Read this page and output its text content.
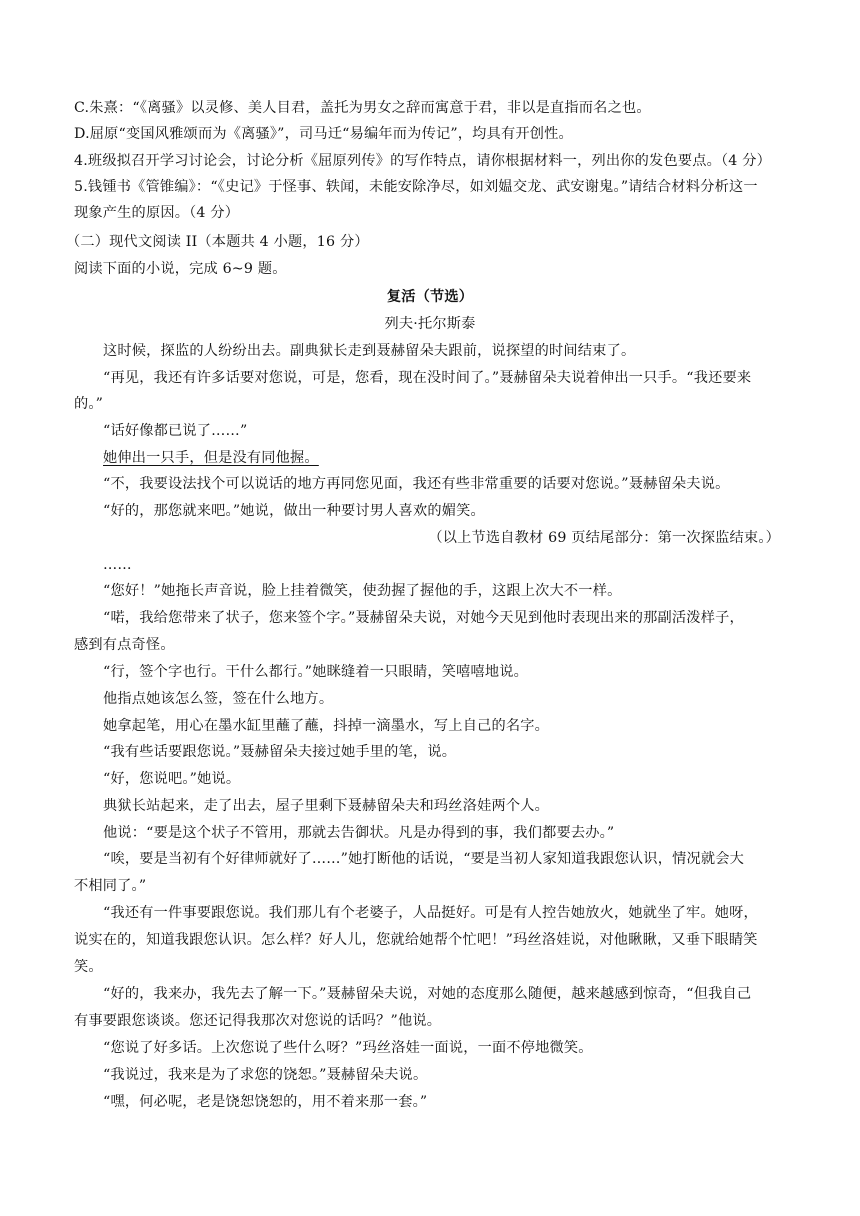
C.朱熹：“《离骚》以灵修、美人目君，盖托为男女之辞而寓意于君，非以是直指而名之也。
D.屈原“变国风雅颂而为《离骚》”，司马迁“易编年而为传记”，均具有开创性。
4.班级拟召开学习讨论会，讨论分析《屈原列传》的写作特点，请你根据材料一，列出你的发色要点。（4 分）
5.钱锺书《管锥编》：“《史记》于怪事、轶闻，未能安除净尽，如刘媪交龙、武安谢鬼。”请结合材料分析这一
现象产生的原因。（4 分）
（二）现代文阅读 II（本题共 4 小题，16 分）
阅读下面的小说，完成 6~9 题。
复活（节选）
列夫·托尔斯泰
这时候，探监的人纷纷出去。副典狱长走到聂赫留朵夫跟前，说探望的时间结束了。
“再见，我还有许多话要对您说，可是，您看，现在没时间了。”聂赫留朵夫说着伸出一只手。“我还要来
的。”
“话好像都已说了……”
她伸出一只手，但是没有同他握。
“不，我要设法找个可以说话的地方再同您见面，我还有些非常重要的话要对您说。”聂赫留朵夫说。
“好的，那您就来吧。”她说，做出一种要讨男人喜欢的媚笑。
（以上节选自教材 69 页结尾部分：第一次探监结束。）
……
“您好！”她拖长声音说，脸上挂着微笑，使劲握了握他的手，这跟上次大不一样。
“喏，我给您带来了状子，您来签个字。”聂赫留朵夫说，对她今天见到他时表现出来的那副活泼样子，
感到有点奇怪。
“行，签个字也行。干什么都行。”她眯缝着一只眼睛，笑嘻嘻地说。
他指点她该怎么签，签在什么地方。
她拿起笔，用心在墨水缸里蘸了蘸，抖掉一滴墨水，写上自己的名字。
“我有些话要跟您说。”聂赫留朵夫接过她手里的笔，说。
“好，您说吧。”她说。
典狱长站起来，走了出去，屋子里剩下聂赫留朵夫和玛丝洛娃两个人。
他说：“要是这个状子不管用，那就去告御状。凡是办得到的事，我们都要去办。”
“唉，要是当初有个好律师就好了……”她打断他的话说，“要是当初人家知道我跟您认识，情况就会大
不相同了。”
“我还有一件事要跟您说。我们那儿有个老婆子，人品挺好。可是有人控告她放火，她就坐了牢。她呀，
说实在的，知道我跟您认识。怎么样？好人儿，您就给她帮个忙吧！”玛丝洛娃说，对他瞅瞅，又垂下眼睛笑
笑。
“好的，我来办，我先去了解一下。”聂赫留朵夫说，对她的态度那么随便，越来越感到惊奇，“但我自己
有事要跟您谈谈。您还记得我那次对您说的话吗？”他说。
“您说了好多话。上次您说了些什么呀？”玛丝洛娃一面说，一面不停地微笑。
“我说过，我来是为了求您的饶恕。”聂赫留朵夫说。
“嘿，何必呢，老是饶恕饶恕的，用不着来那一套。”
